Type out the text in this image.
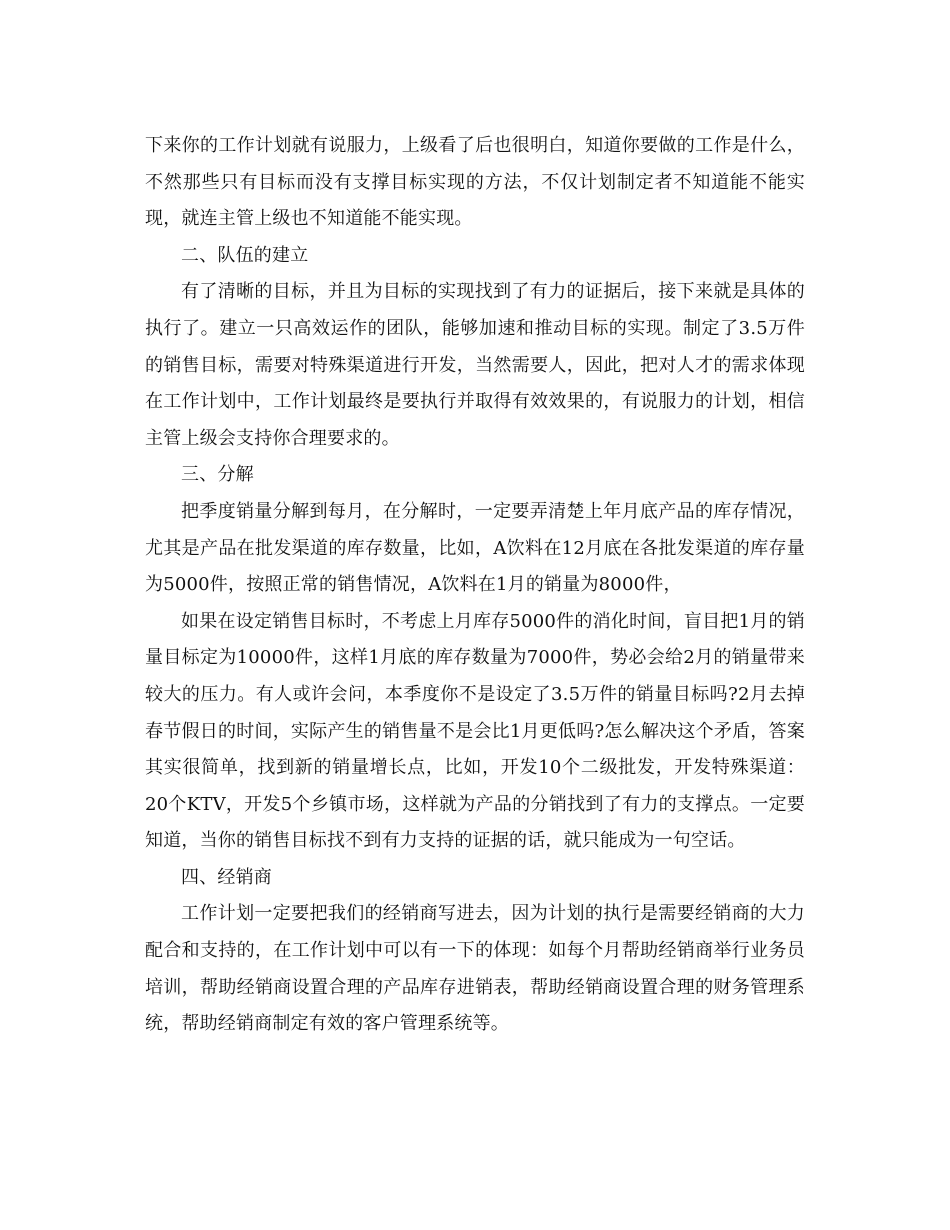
下来你的工作计划就有说服力，上级看了后也很明白，知道你要做的工作是什么，不然那些只有目标而没有支撑目标实现的方法，不仅计划制定者不知道能不能实现，就连主管上级也不知道能不能实现。

二、队伍的建立

有了清晰的目标，并且为目标的实现找到了有力的证据后，接下来就是具体的执行了。建立一只高效运作的团队，能够加速和推动目标的实现。制定了3.5万件的销售目标，需要对特殊渠道进行开发，当然需要人，因此，把对人才的需求体现在工作计划中，工作计划最终是要执行并取得有效效果的，有说服力的计划，相信主管上级会支持你合理要求的。

三、分解

把季度销量分解到每月，在分解时，一定要弄清楚上年月底产品的库存情况，尤其是产品在批发渠道的库存数量，比如，A饮料在12月底在各批发渠道的库存量为5000件，按照正常的销售情况，A饮料在1月的销量为8000件，

如果在设定销售目标时，不考虑上月库存5000件的消化时间，盲目把1月的销量目标定为10000件，这样1月底的库存数量为7000件，势必会给2月的销量带来较大的压力。有人或许会问，本季度你不是设定了3.5万件的销量目标吗?2月去掉春节假日的时间，实际产生的销售量不是会比1月更低吗?怎么解决这个矛盾，答案其实很简单，找到新的销量增长点，比如，开发10个二级批发，开发特殊渠道：20个KTV，开发5个乡镇市场，这样就为产品的分销找到了有力的支撑点。一定要知道，当你的销售目标找不到有力支持的证据的话，就只能成为一句空话。

四、经销商

工作计划一定要把我们的经销商写进去，因为计划的执行是需要经销商的大力配合和支持的，在工作计划中可以有一下的体现：如每个月帮助经销商举行业务员培训，帮助经销商设置合理的产品库存进销表，帮助经销商设置合理的财务管理系统，帮助经销商制定有效的客户管理系统等。
